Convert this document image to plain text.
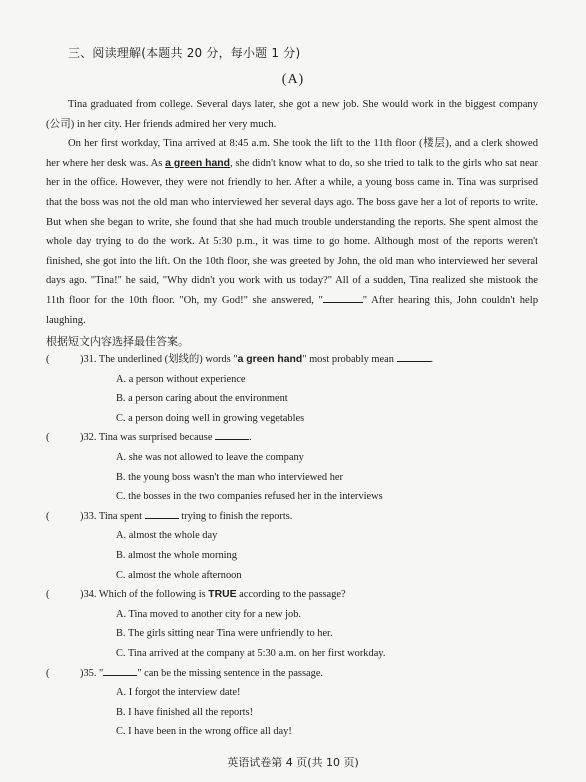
三、阅读理解(本题共 20 分，每小题 1 分)
(A)

Tina graduated from college. Several days later, she got a new job. She would work in the biggest company (公司) in her city. Her friends admired her very much.

On her first workday, Tina arrived at 8:45 a.m. She took the lift to the 11th floor (楼层), and a clerk showed her where her desk was. As a green hand, she didn't know what to do, so she tried to talk to the girls who sat near her in the office. However, they were not friendly to her. After a while, a young boss came in. Tina was surprised that the boss was not the old man who interviewed her several days ago. The boss gave her a lot of reports to write. But when she began to write, she found that she had much trouble understanding the reports. She spent almost the whole day trying to do the work. At 5:30 p.m., it was time to go home. Although most of the reports weren't finished, she got into the lift. On the 10th floor, she was greeted by John, the old man who interviewed her several days ago. "Tina!" he said, "Why didn't you work with us today?" All of a sudden, Tina realized she mistook the 11th floor for the 10th floor. "Oh, my God!" she answered, "	" After hearing this, John couldn't help laughing.

根据短文内容选择最佳答案。
(	)31. The underlined (划线的) words "a green hand" most probably mean	.
A. a person without experience
B. a person caring about the environment
C. a person doing well in growing vegetables
(	)32. Tina was surprised because	.
A. she was not allowed to leave the company
B. the young boss wasn't the man who interviewed her
C. the bosses in the two companies refused her in the interviews
(	)33. Tina spent	trying to finish the reports.
A. almost the whole day
B. almost the whole morning
C. almost the whole afternoon
(	)34. Which of the following is TRUE according to the passage?
A. Tina moved to another city for a new job.
B. The girls sitting near Tina were unfriendly to her.
C. Tina arrived at the company at 5:30 a.m. on her first workday.
(	)35. "	" can be the missing sentence in the passage.
A. I forgot the interview date!
B. I have finished all the reports!
C. I have been in the wrong office all day!
英语试卷第 4 页(共 10 页)
